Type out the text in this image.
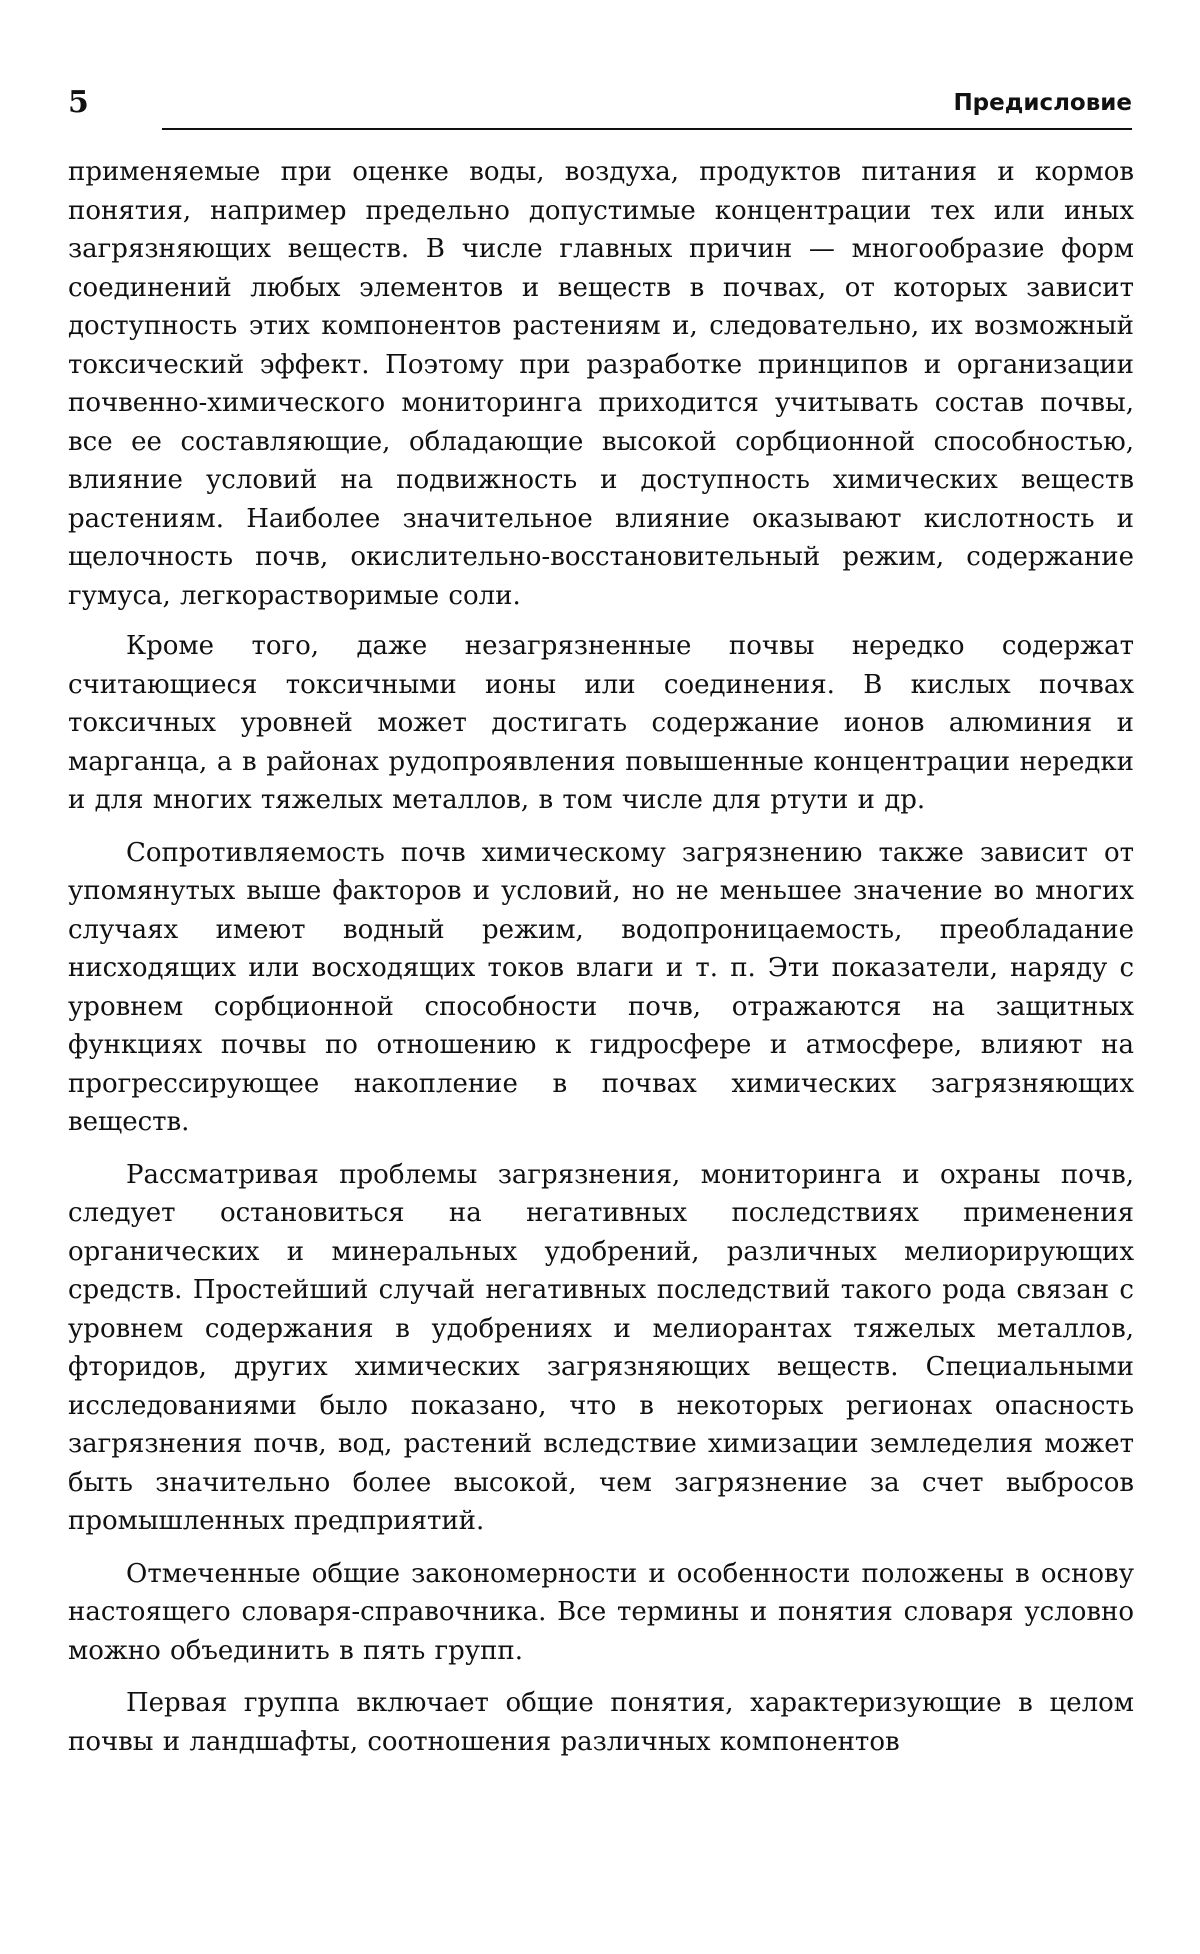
5	Предисловие

применяемые при оценке воды, воздуха, продуктов питания и кормов понятия, например предельно допустимые концентрации тех или иных загрязняющих веществ. В числе главных причин — многообразие форм соединений любых элементов и веществ в почвах, от которых зависит доступность этих компонентов растениям и, следовательно, их возможный токсический эффект. Поэтому при разработке принципов и организации почвенно-химического мониторинга приходится учитывать состав почвы, все ее составляющие, обладающие высокой сорбционной способностью, влияние условий на подвижность и доступность химических веществ растениям. Наиболее значительное влияние оказывают кислотность и щелочность почв, окислительно-восстановительный режим, содержание гумуса, легкорастворимые соли.

Кроме того, даже незагрязненные почвы нередко содержат считающиеся токсичными ионы или соединения. В кислых почвах токсичных уровней может достигать содержание ионов алюминия и марганца, а в районах рудопроявления повышенные концентрации нередки и для многих тяжелых металлов, в том числе для ртути и др.

Сопротивляемость почв химическому загрязнению также зависит от упомянутых выше факторов и условий, но не меньшее значение во многих случаях имеют водный режим, водопроницаемость, преобладание нисходящих или восходящих токов влаги и т. п. Эти показатели, наряду с уровнем сорбционной способности почв, отражаются на защитных функциях почвы по отношению к гидросфере и атмосфере, влияют на прогрессирующее накопление в почвах химических загрязняющих веществ.

Рассматривая проблемы загрязнения, мониторинга и охраны почв, следует остановиться на негативных последствиях применения органических и минеральных удобрений, различных мелиорирующих средств. Простейший случай негативных последствий такого рода связан с уровнем содержания в удобрениях и мелиорантах тяжелых металлов, фторидов, других химических загрязняющих веществ. Специальными исследованиями было показано, что в некоторых регионах опасность загрязнения почв, вод, растений вследствие химизации земледелия может быть значительно более высокой, чем загрязнение за счет выбросов промышленных предприятий.

Отмеченные общие закономерности и особенности положены в основу настоящего словаря-справочника. Все термины и понятия словаря условно можно объединить в пять групп.

Первая группа включает общие понятия, характеризующие в целом почвы и ландшафты, соотношения различных компонентов
